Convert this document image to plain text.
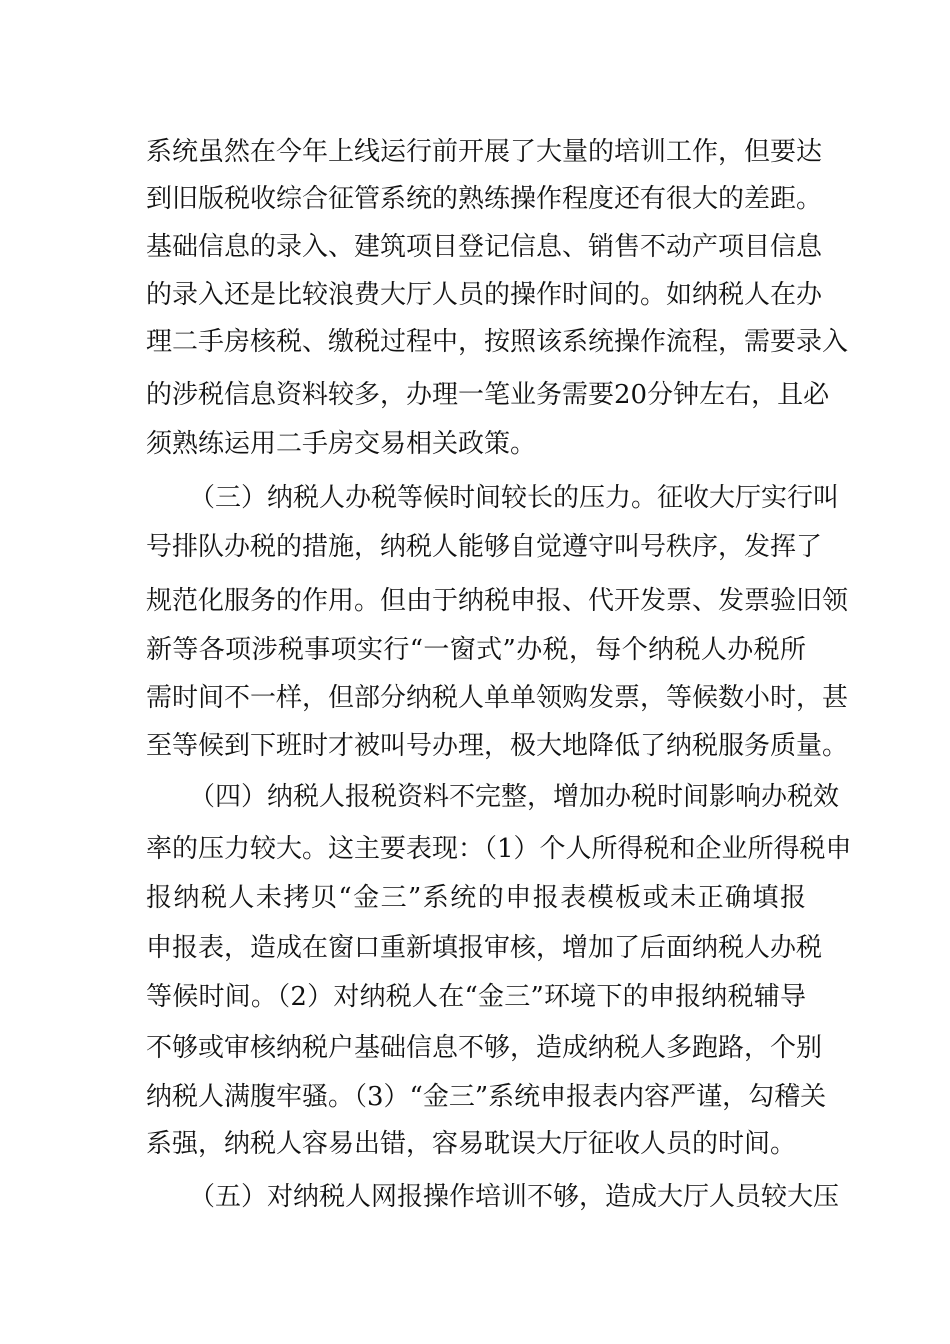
系统虽然在今年上线运行前开展了大量的培训工作，但要达
到旧版税收综合征管系统的熟练操作程度还有很大的差距。
基础信息的录入、建筑项目登记信息、销售不动产项目信息
的录入还是比较浪费大厅人员的操作时间的。如纳税人在办
理二手房核税、缴税过程中，按照该系统操作流程，需要录入
的涉税信息资料较多，办理一笔业务需要20分钟左右，且必
须熟练运用二手房交易相关政策。
（三）纳税人办税等候时间较长的压力。征收大厅实行叫
号排队办税的措施，纳税人能够自觉遵守叫号秩序，发挥了
规范化服务的作用。但由于纳税申报、代开发票、发票验旧领
新等各项涉税事项实行“一窗式”办税，每个纳税人办税所
需时间不一样，但部分纳税人单单领购发票，等候数小时，甚
至等候到下班时才被叫号办理，极大地降低了纳税服务质量。
（四）纳税人报税资料不完整，增加办税时间影响办税效
率的压力较大。这主要表现：（1）个人所得税和企业所得税申
报纳税人未拷贝“金三”系统的申报表模板或未正确填报
申报表，造成在窗口重新填报审核，增加了后面纳税人办税
等候时间。（2）对纳税人在“金三”环境下的申报纳税辅导
不够或审核纳税户基础信息不够，造成纳税人多跑路，个别
纳税人满腹牢骚。（3）“金三”系统申报表内容严谨，勾稽关
系强，纳税人容易出错，容易耽误大厅征收人员的时间。
（五）对纳税人网报操作培训不够，造成大厅人员较大压
